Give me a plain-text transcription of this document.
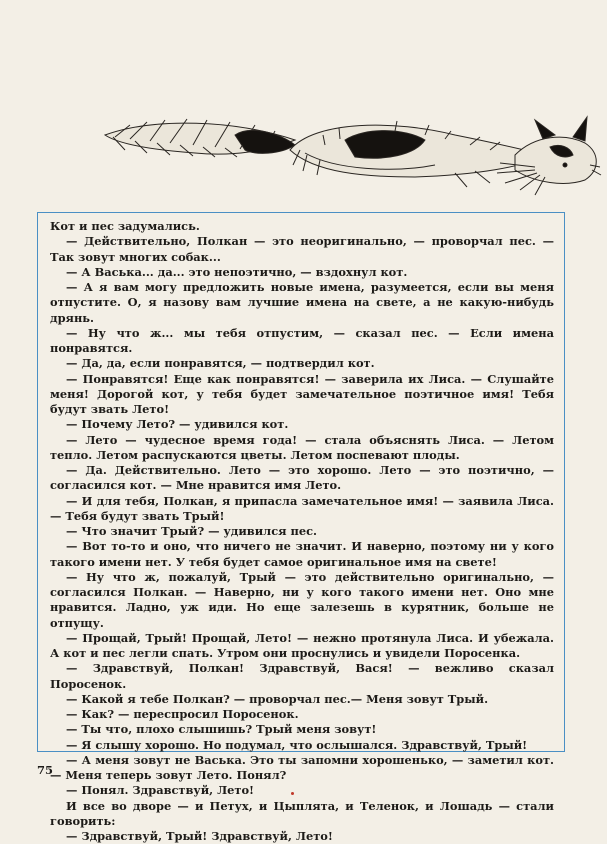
Кот и пес задумались.

— Действительно, Полкан — это неоригинально, — проворчал пес. — Так зовут многих собак...

— А Васька... да... это непоэтично, — вздохнул кот.

— А я вам могу предложить новые имена, разумеется, если вы меня отпустите. О, я назову вам лучшие имена на свете, а не какую-нибудь дрянь.

— Ну что ж... мы тебя отпустим, — сказал пес. — Если имена понравятся.

— Да, да, если понравятся, — подтвердил кот.

— Понравятся! Еще как понравятся! — заверила их Лиса. — Слушайте меня! Дорогой кот, у тебя будет замечательное поэтичное имя! Тебя будут звать Лето!

— Почему Лето? — удивился кот.

— Лето — чудесное время года! — стала объяснять Лиса. — Летом тепло. Летом распускаются цветы. Летом поспевают плоды.

— Да. Действительно. Лето — это хорошо. Лето — это поэтично, — согласился кот. — Мне нравится имя Лето.

— И для тебя, Полкан, я припасла замечательное имя! — заявила Лиса.— Тебя будут звать Трый!

— Что значит Трый? — удивился пес.

— Вот то-то и оно, что ничего не значит. И наверно, поэтому ни у кого такого имени нет. У тебя будет самое оригинальное имя на свете!

— Ну что ж, пожалуй, Трый — это действительно оригинально, — согласился Полкан. — Наверно, ни у кого такого имени нет. Оно мне нравится. Ладно, уж иди. Но еще залезешь в курятник, больше не отпущу.

— Прощай, Трый! Прощай, Лето! — нежно протянула Лиса. И убежала. А кот и пес легли спать. Утром они проснулись и увидели Поросенка.

— Здравствуй, Полкан! Здравствуй, Вася! — вежливо сказал Поросенок.

— Какой я тебе Полкан? — проворчал пес.— Меня зовут Трый.

— Как? — переспросил Поросенок.

— Ты что, плохо слышишь? Трый меня зовут!

— Я слышу хорошо. Но подумал, что ослышался. Здравствуй, Трый!

— А меня зовут не Васька. Это ты запомни хорошенько, — заметил кот. — Меня теперь зовут Лето. Понял?

— Понял. Здравствуй, Лето!

И все во дворе — и Петух, и Цыплята, и Теленок, и Лошадь — стали говорить:

— Здравствуй, Трый! Здравствуй, Лето!

75
